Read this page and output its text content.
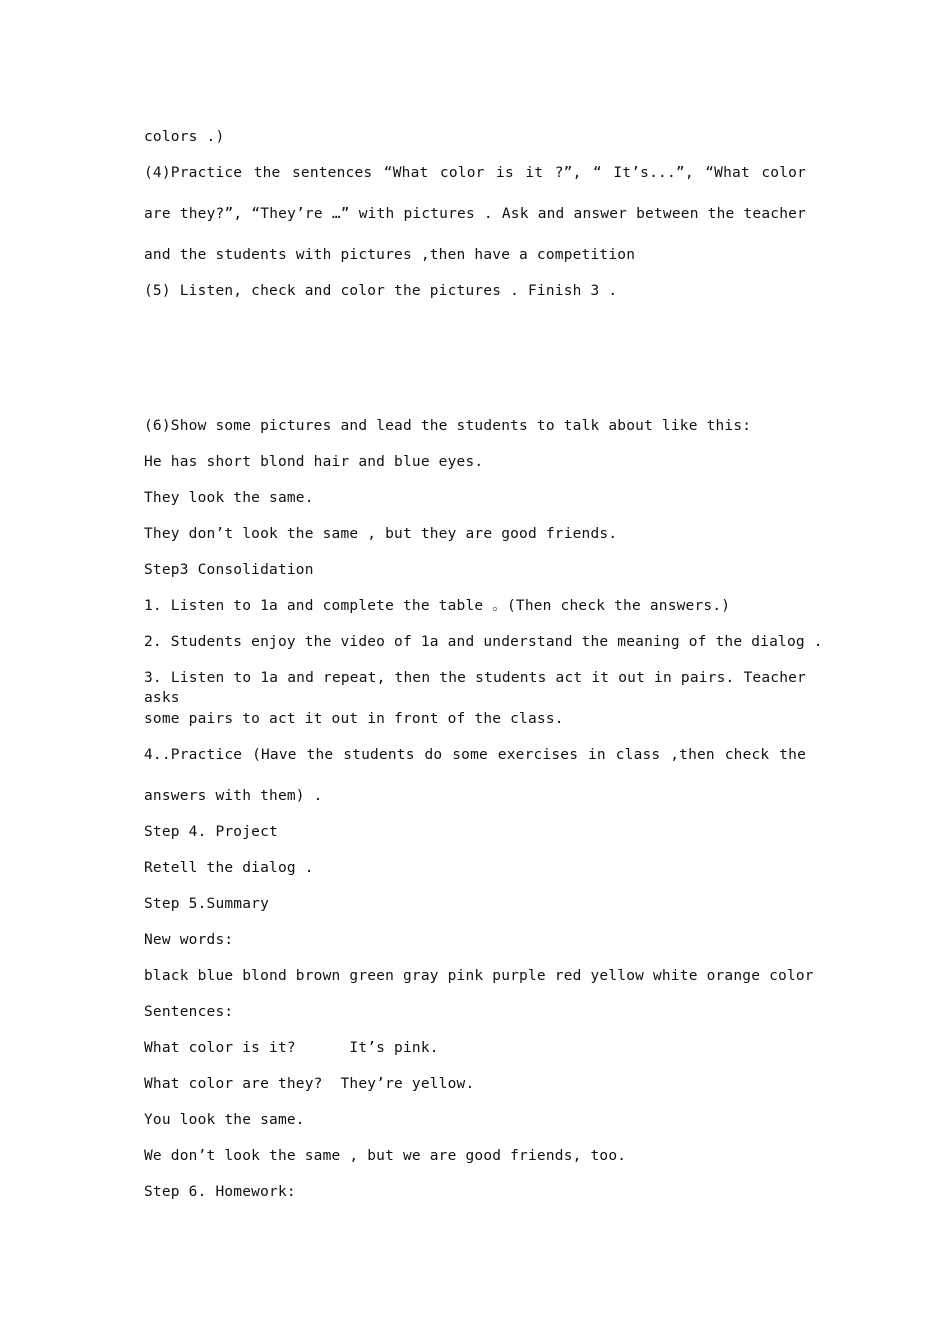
colors .)

(4)Practice the sentences “What color is it ?”, “ It’s...”, “What color

are they?”, “They’re …” with pictures . Ask and answer between the teacher

and the students with pictures ,then have a competition

(5) Listen, check and color the pictures . Finish 3 .

(6)Show some pictures and lead the students to talk about like this:

He has short blond hair and blue eyes.

They look the same.

They don’t look the same , but they are good friends.

Step3 Consolidation

1. Listen to 1a and complete the table 。(Then check the answers.)

2. Students enjoy the video of 1a and understand the meaning of the dialog .

3. Listen to 1a and repeat, then the students act it out in pairs. Teacher asks

some pairs to act it out in front of the class.

4..Practice (Have the students do some exercises in class ,then check the

answers with them) .

Step 4. Project

Retell the dialog .

Step 5.Summary

New words:

black blue blond brown green gray pink purple red yellow white orange color

Sentences:

What color is it?      It’s pink.

What color are they?  They’re yellow.

You look the same.

We don’t look the same , but we are good friends, too.

Step 6. Homework:
